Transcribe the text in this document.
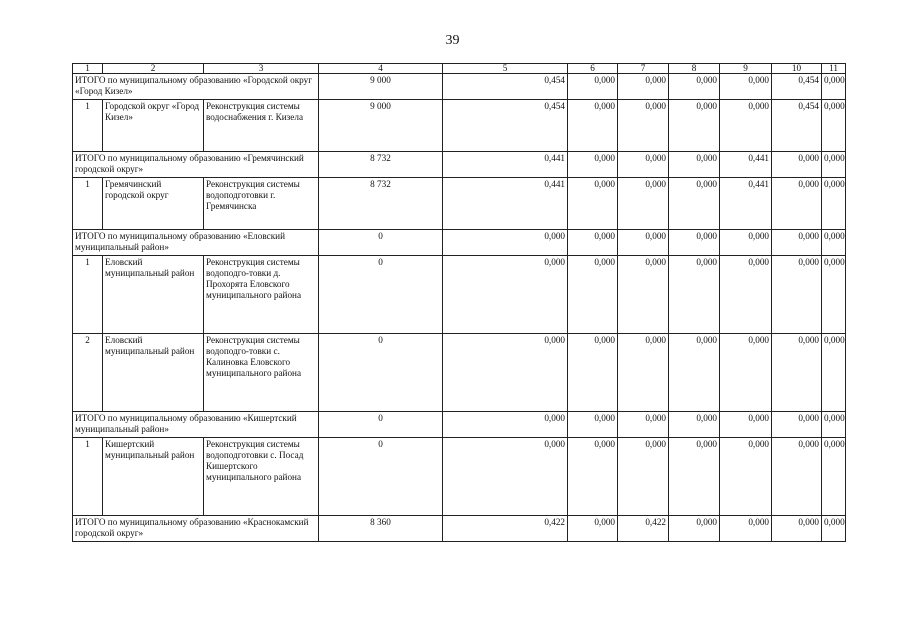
39
1	2	3	4	5	6	7	8	9	10	11
ИТОГО по муниципальному образованию «Городской округ «Город Кизел»			9 000	0,454	0,000	0,000	0,000	0,000	0,454	0,000
1	Городской округ «Город Кизел»	Реконструкция системы водоснабжения г. Кизела	9 000	0,454	0,000	0,000	0,000	0,000	0,454	0,000
ИТОГО по муниципальному образованию «Гремячинский городской округ»			8 732	0,441	0,000	0,000	0,000	0,441	0,000	0,000
1	Гремячинский городской округ	Реконструкция системы водоподготовки г. Гремячинска	8 732	0,441	0,000	0,000	0,000	0,441	0,000	0,000
ИТОГО по муниципальному образованию «Еловский муниципальный район»			0	0,000	0,000	0,000	0,000	0,000	0,000	0,000
1	Еловский муниципальный район	Реконструкция системы водоподго-товки д. Прохорята Еловского муниципального района	0	0,000	0,000	0,000	0,000	0,000	0,000	0,000
2	Еловский муниципальный район	Реконструкция системы водоподго-товки с. Калиновка Еловского муниципального района	0	0,000	0,000	0,000	0,000	0,000	0,000	0,000
ИТОГО по муниципальному образованию «Кишертский муниципальный район»			0	0,000	0,000	0,000	0,000	0,000	0,000	0,000
1	Кишертский муниципальный район	Реконструкция системы водоподготовки с. Посад Кишертского муниципального района	0	0,000	0,000	0,000	0,000	0,000	0,000	0,000
ИТОГО по муниципальному образованию «Краснокамский городской округ»			8 360	0,422	0,000	0,422	0,000	0,000	0,000	0,000
